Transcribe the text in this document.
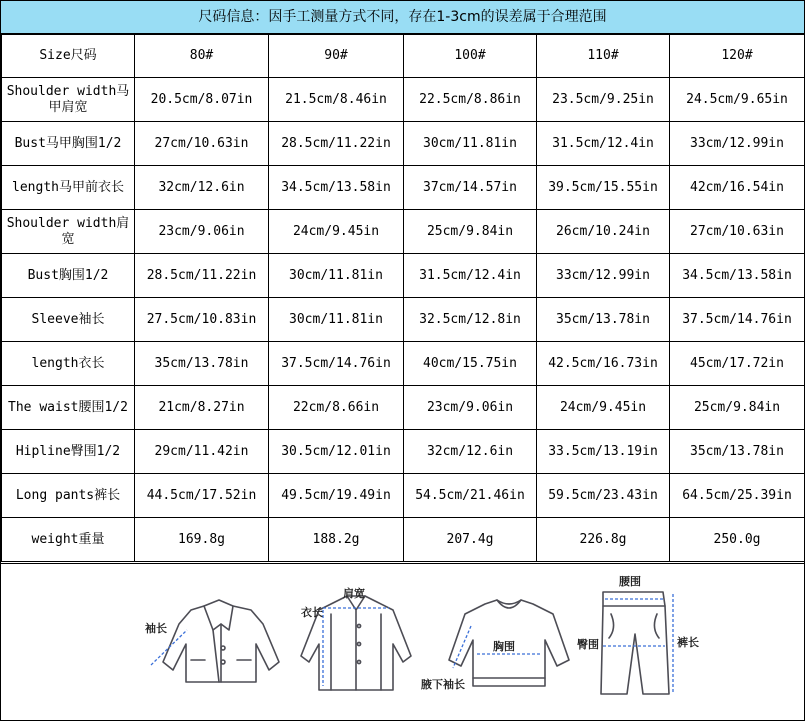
尺码信息：因手工测量方式不同，存在1-3cm的误差属于合理范围
Size尺码	80#	90#	100#	110#	120#
Shoulder width马甲肩宽	20.5cm/8.07in	21.5cm/8.46in	22.5cm/8.86in	23.5cm/9.25in	24.5cm/9.65in
Bust马甲胸围1/2	27cm/10.63in	28.5cm/11.22in	30cm/11.81in	31.5cm/12.4in	33cm/12.99in
length马甲前衣长	32cm/12.6in	34.5cm/13.58in	37cm/14.57in	39.5cm/15.55in	42cm/16.54in
Shoulder width肩宽	23cm/9.06in	24cm/9.45in	25cm/9.84in	26cm/10.24in	27cm/10.63in
Bust胸围1/2	28.5cm/11.22in	30cm/11.81in	31.5cm/12.4in	33cm/12.99in	34.5cm/13.58in
Sleeve袖长	27.5cm/10.83in	30cm/11.81in	32.5cm/12.8in	35cm/13.78in	37.5cm/14.76in
length衣长	35cm/13.78in	37.5cm/14.76in	40cm/15.75in	42.5cm/16.73in	45cm/17.72in
The waist腰围1/2	21cm/8.27in	22cm/8.66in	23cm/9.06in	24cm/9.45in	25cm/9.84in
Hipline臀围1/2	29cm/11.42in	30.5cm/12.01in	32cm/12.6in	33.5cm/13.19in	35cm/13.78in
Long pants裤长	44.5cm/17.52in	49.5cm/19.49in	54.5cm/21.46in	59.5cm/23.43in	64.5cm/25.39in
weight重量	169.8g	188.2g	207.4g	226.8g	250.0g
袖长
肩宽
衣长
胸围
腋下袖长
腰围
臀围	裤长
